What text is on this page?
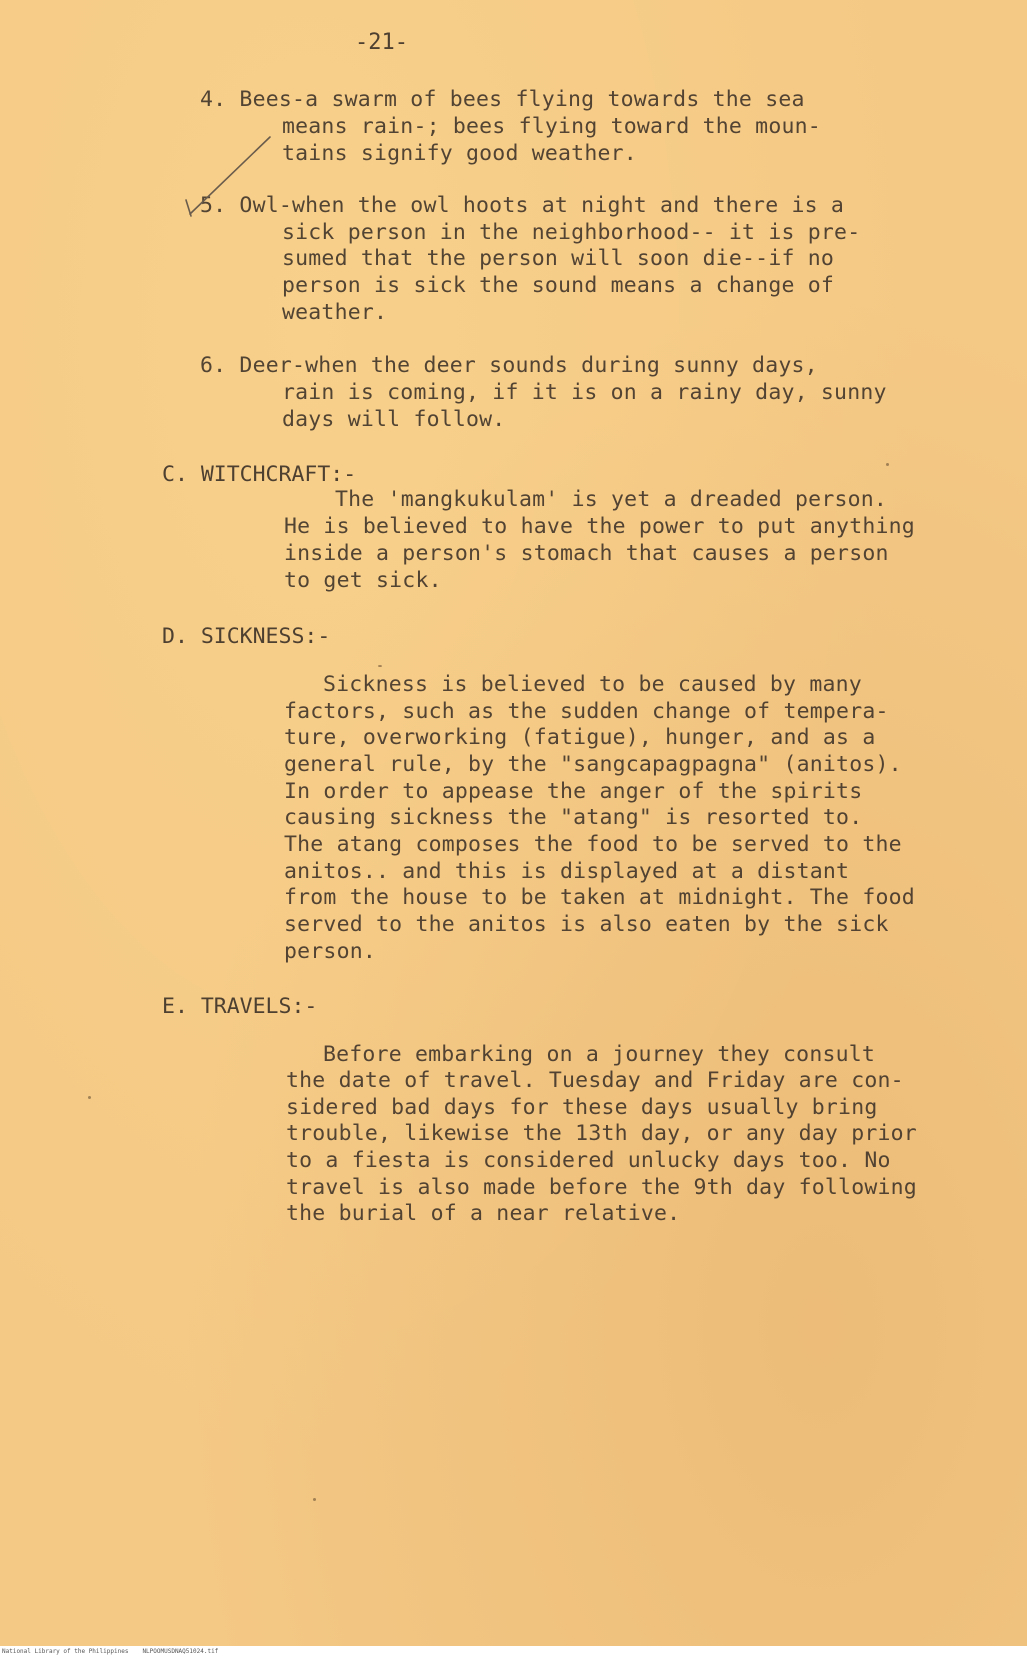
-21-
4. Bees-a swarm of bees flying towards the sea
means rain-; bees flying toward the moun-
tains signify good weather.
5. Owl-when the owl hoots at night and there is a
sick person in the neighborhood-- it is pre-
sumed that the person will soon die--if no
person is sick the sound means a change of
weather.
6. Deer-when the deer sounds during sunny days,
rain is coming, if it is on a rainy day, sunny
days will follow.
C. WITCHCRAFT:-
The 'mangkukulam' is yet a dreaded person.
He is believed to have the power to put anything
inside a person's stomach that causes a person
to get sick.
D. SICKNESS:-
Sickness is believed to be caused by many
factors, such as the sudden change of tempera-
ture, overworking (fatigue), hunger, and as a
general rule, by the "sangcapagpagna" (anitos).
In order to appease the anger of the spirits
causing sickness the "atang" is resorted to.
The atang composes the food to be served to the
anitos.. and this is displayed at a distant
from the house to be taken at midnight. The food
served to the anitos is also eaten by the sick
person.
E. TRAVELS:-
Before embarking on a journey they consult
the date of travel. Tuesday and Friday are con-
sidered bad days for these days usually bring
trouble, likewise the 13th day, or any day prior
to a fiesta is considered unlucky days too. No
travel is also made before the 9th day following
the burial of a near relative.
National Library of the Philippines NLPOOMUSDNAQ51024.tif
